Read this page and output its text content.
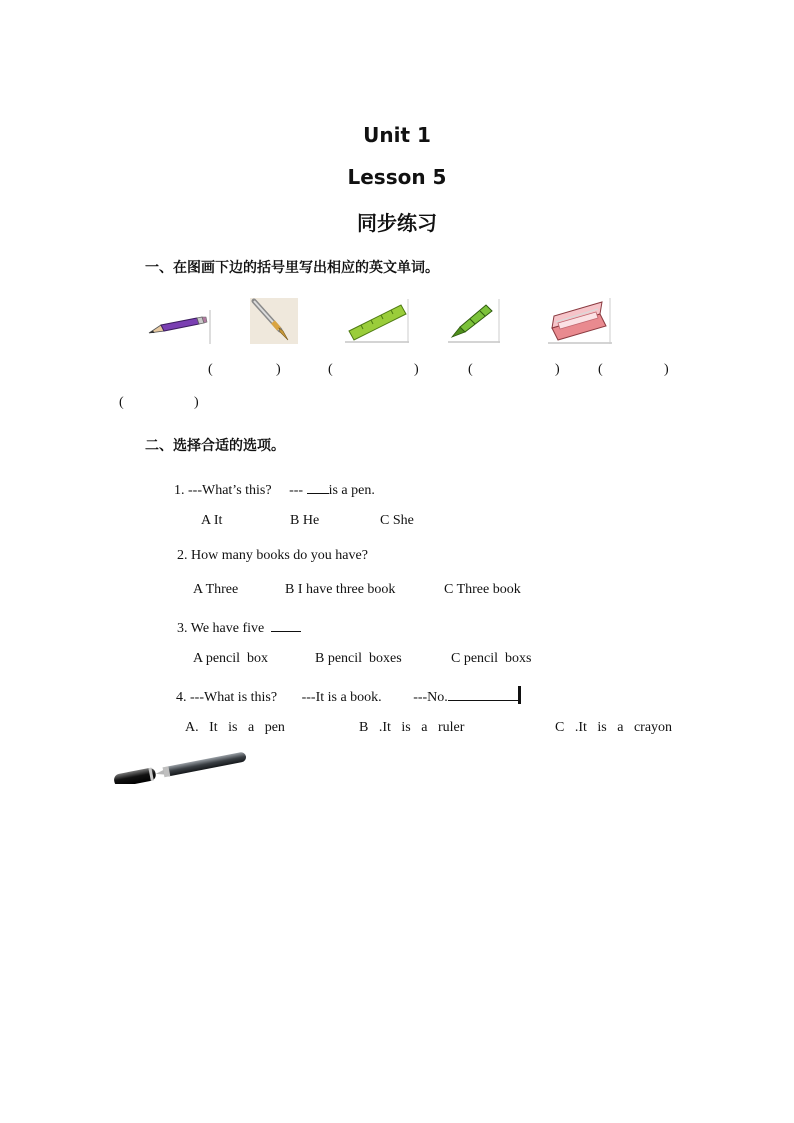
Unit 1
Lesson 5
同步练习
一、在图画下边的括号里写出相应的英文单词。
(	)	(	)	(	)	(	)
(	)
二、选择合适的选项。
1. ---What’s this? --- is a pen.
A It	B He	C She
2. How many books do you have?
A Three	B I have three book	C Three book
3. We have five
A pencil  box	B pencil  boxes	C pencil  boxs
4. ---What is this? ---It is a book. ---No.
A.   It   is   a   pen	B   .It   is   a   ruler	C   .It   is   a   crayon
